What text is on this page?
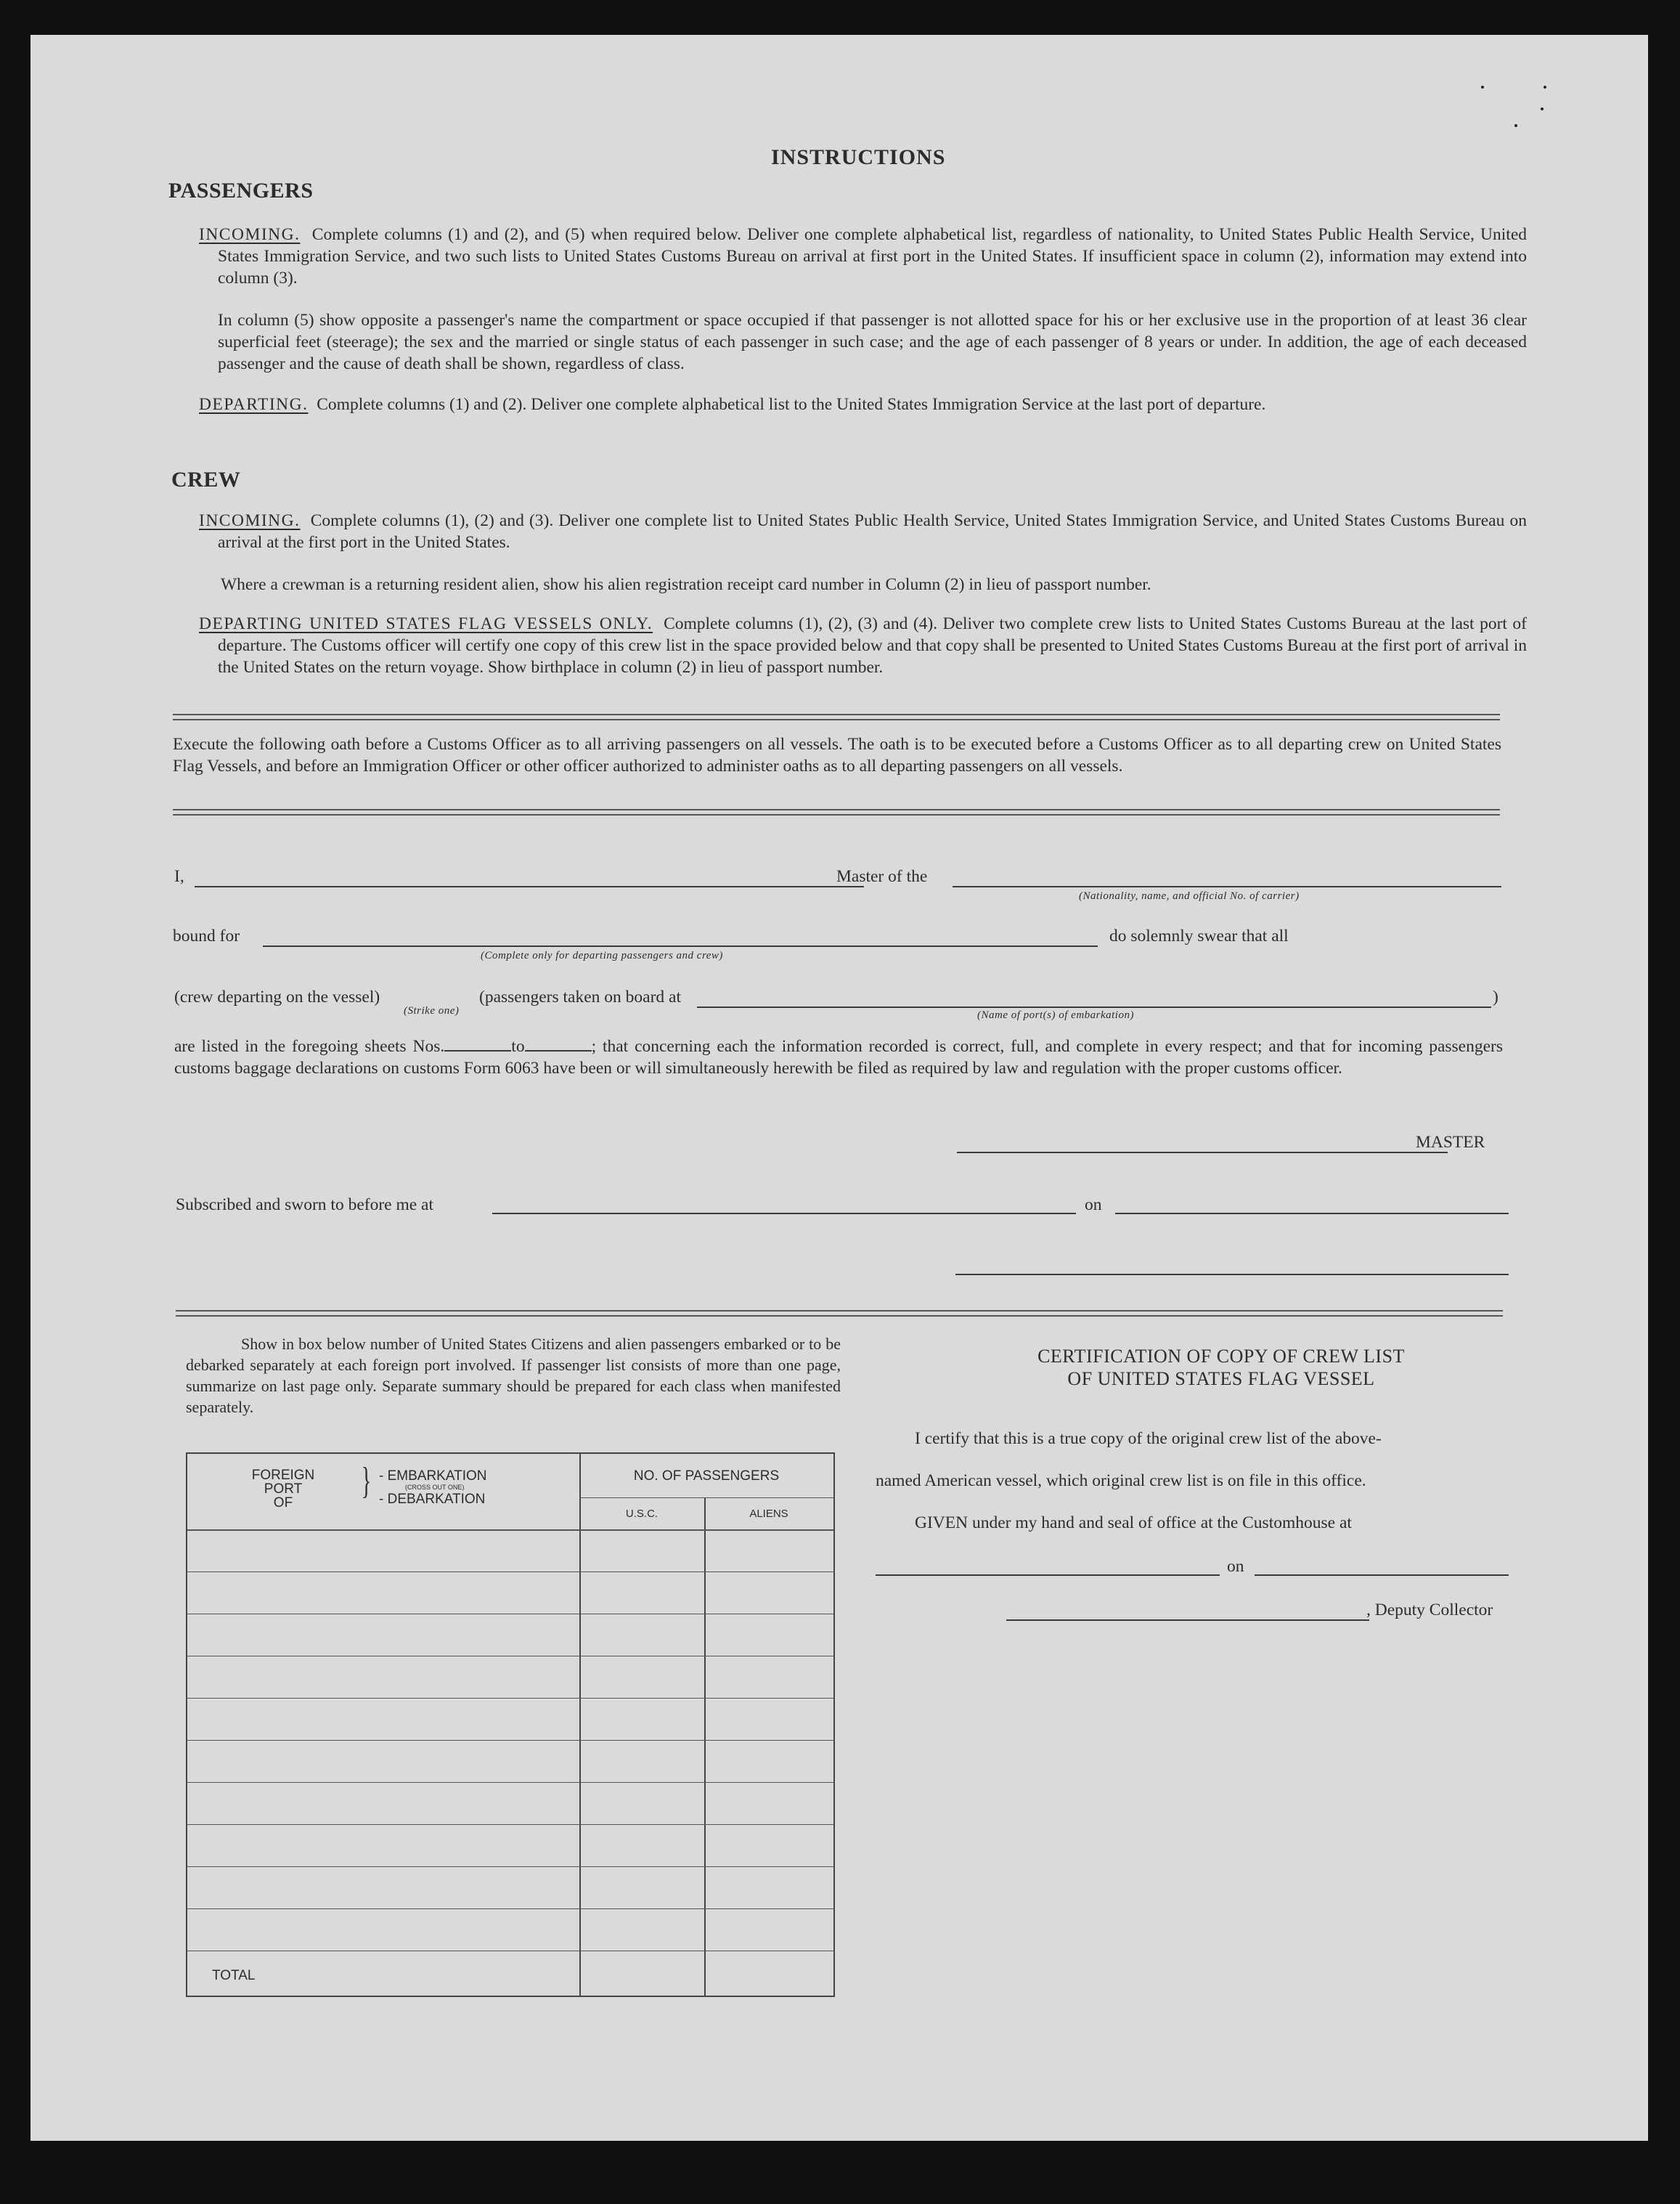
INSTRUCTIONS
PASSENGERS
INCOMING. Complete columns (1) and (2), and (5) when required below. Deliver one complete alphabetical list, regardless of nationality, to United States Public Health Service, United States Immigration Service, and two such lists to United States Customs Bureau on arrival at first port in the United States. If insufficient space in column (2), information may extend into column (3).
In column (5) show opposite a passenger's name the compartment or space occupied if that passenger is not allotted space for his or her exclusive use in the proportion of at least 36 clear superficial feet (steerage); the sex and the married or single status of each passenger in such case; and the age of each passenger of 8 years or under. In addition, the age of each deceased passenger and the cause of death shall be shown, regardless of class.
DEPARTING. Complete columns (1) and (2). Deliver one complete alphabetical list to the United States Immigration Service at the last port of departure.
CREW
INCOMING. Complete columns (1), (2) and (3). Deliver one complete list to United States Public Health Service, United States Immigration Service, and United States Customs Bureau on arrival at the first port in the United States.
Where a crewman is a returning resident alien, show his alien registration receipt card number in Column (2) in lieu of passport number.
DEPARTING UNITED STATES FLAG VESSELS ONLY. Complete columns (1), (2), (3) and (4). Deliver two complete crew lists to United States Customs Bureau at the last port of departure. The Customs officer will certify one copy of this crew list in the space provided below and that copy shall be presented to United States Customs Bureau at the first port of arrival in the United States on the return voyage. Show birthplace in column (2) in lieu of passport number.
Execute the following oath before a Customs Officer as to all arriving passengers on all vessels. The oath is to be executed before a Customs Officer as to all departing crew on United States Flag Vessels, and before an Immigration Officer or other officer authorized to administer oaths as to all departing passengers on all vessels.
I,	Master of the
(Nationality, name, and official No. of carrier)
bound for
(Complete only for departing passengers and crew)
do solemnly swear that all
(crew departing on the vessel)
(Strike one)
(passengers taken on board at	)
(Name of port(s) of embarkation)
are listed in the foregoing sheets Nos.	to	; that concerning each the information recorded is correct, full, and complete in every respect; and that for incoming passengers customs baggage declarations on customs Form 6063 have been or will simultaneously herewith be filed as required by law and regulation with the proper customs officer.
MASTER
Subscribed and sworn to before me at	on
Show in box below number of United States Citizens and alien passengers embarked or to be debarked separately at each foreign port involved. If passenger list consists of more than one page, summarize on last page only. Separate summary should be prepared for each class when manifested separately.
FOREIGN
PORT
OF
} - EMBARKATION
(CROSS OUT ONE)
- DEBARKATION
NO. OF PASSENGERS
U.S.C.	ALIENS
TOTAL
CERTIFICATION OF COPY OF CREW LIST
OF UNITED STATES FLAG VESSEL
I certify that this is a true copy of the original crew list of the above-
named American vessel, which original crew list is on file in this office.
GIVEN under my hand and seal of office at the Customhouse at
on
, Deputy Collector
